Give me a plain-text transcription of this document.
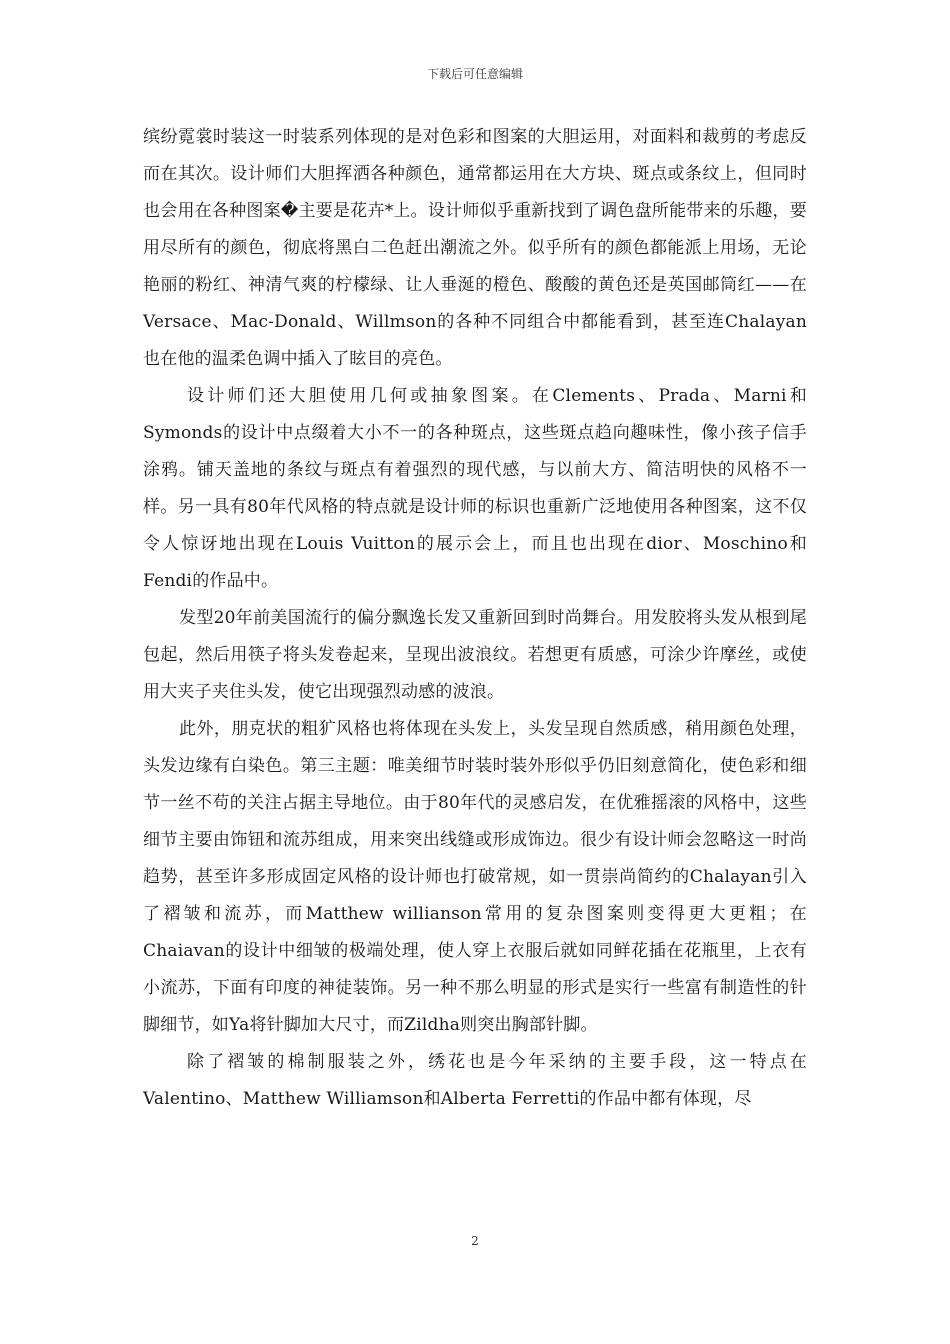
下载后可任意编辑

缤纷霓裳时装这一时装系列体现的是对色彩和图案的大胆运用，对面料和裁剪的考虑反而在其次。设计师们大胆挥洒各种颜色，通常都运用在大方块、斑点或条纹上，但同时也会用在各种图案�主要是花卉*上。设计师似乎重新找到了调色盘所能带来的乐趣，要用尽所有的颜色，彻底将黑白二色赶出潮流之外。似乎所有的颜色都能派上用场，无论艳丽的粉红、神清气爽的柠檬绿、让人垂涎的橙色、酸酸的黄色还是英国邮筒红——在Versace、Mac-Donald、Willmson的各种不同组合中都能看到，甚至连Chalayan也在他的温柔色调中插入了眩目的亮色。

设计师们还大胆使用几何或抽象图案。在Clements、Prada、Marni和Symonds的设计中点缀着大小不一的各种斑点，这些斑点趋向趣味性，像小孩子信手涂鸦。铺天盖地的条纹与斑点有着强烈的现代感，与以前大方、简洁明快的风格不一样。另一具有80年代风格的特点就是设计师的标识也重新广泛地使用各种图案，这不仅令人惊讶地出现在Louis Vuitton的展示会上，而且也出现在dior、Moschino和Fendi的作品中。

发型20年前美国流行的偏分飘逸长发又重新回到时尚舞台。用发胶将头发从根到尾包起，然后用筷子将头发卷起来，呈现出波浪纹。若想更有质感，可涂少许摩丝，或使用大夹子夹住头发，使它出现强烈动感的波浪。

此外，朋克状的粗犷风格也将体现在头发上，头发呈现自然质感，稍用颜色处理，头发边缘有白染色。第三主题：唯美细节时装时装外形似乎仍旧刻意简化，使色彩和细节一丝不苟的关注占据主导地位。由于80年代的灵感启发，在优雅摇滚的风格中，这些细节主要由饰钮和流苏组成，用来突出线缝或形成饰边。很少有设计师会忽略这一时尚趋势，甚至许多形成固定风格的设计师也打破常规，如一贯崇尚简约的Chalayan引入了褶皱和流苏，而Matthew willianson常用的复杂图案则变得更大更粗；在Chaiavan的设计中细皱的极端处理，使人穿上衣服后就如同鲜花插在花瓶里，上衣有小流苏，下面有印度的神徒装饰。另一种不那么明显的形式是实行一些富有制造性的针脚细节，如Ya将针脚加大尺寸，而Zildha则突出胸部针脚。

除了褶皱的棉制服装之外，绣花也是今年采纳的主要手段，这一特点在Valentino、Matthew Williamson和Alberta Ferretti的作品中都有体现，尽

2
